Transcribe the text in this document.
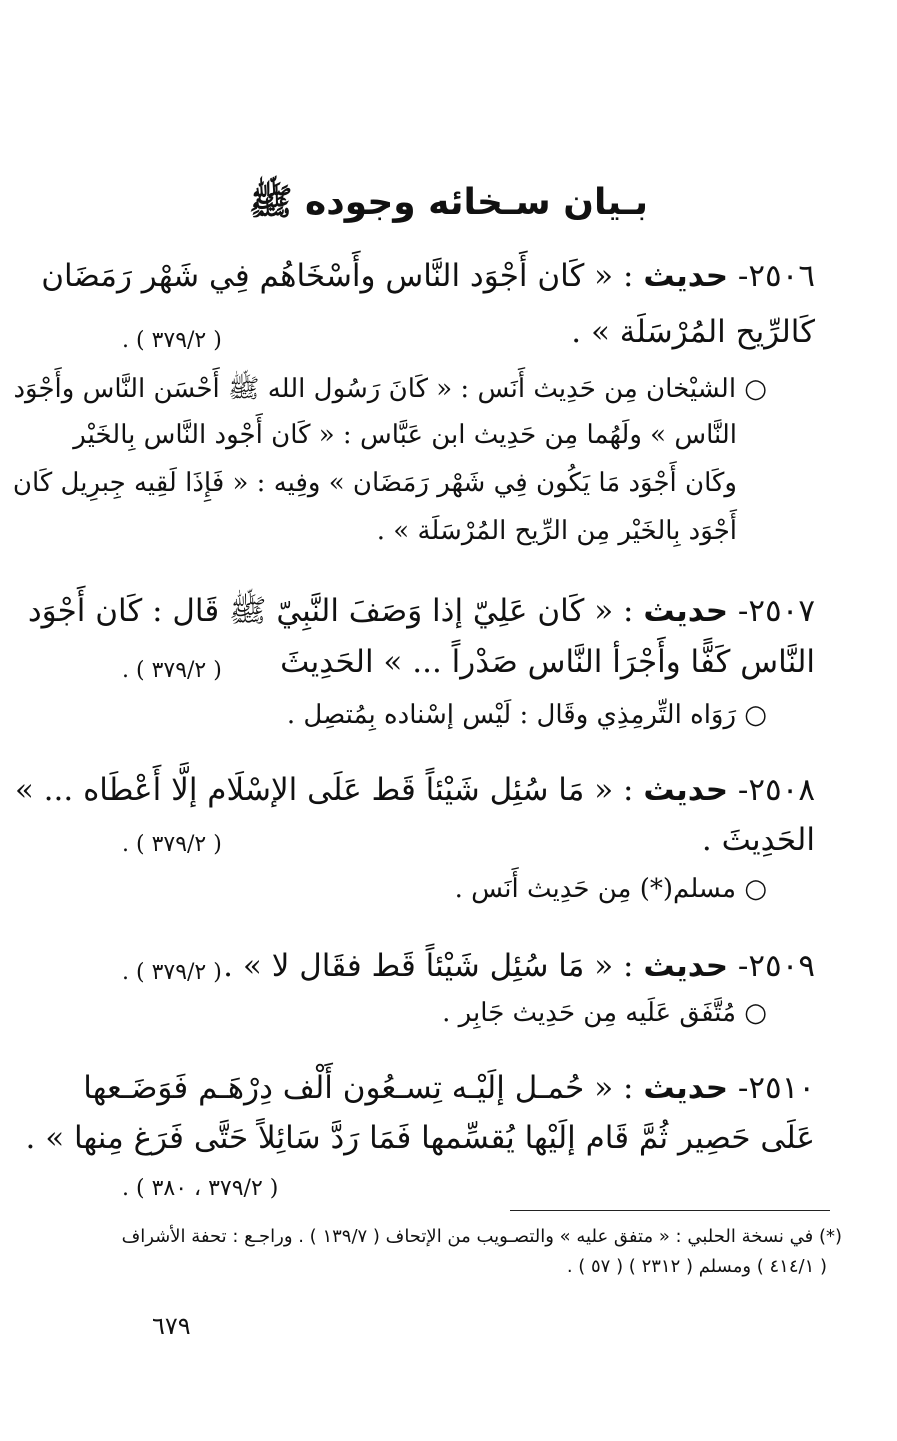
بـيان سـخائه وجوده ﷺ
٢٥٠٦- حديث : « كَان أَجْوَد النَّاس وأَسْخَاهُم فِي شَهْر رَمَضَان
كَالرِّيح المُرْسَلَة » .
( ٣٧٩/٢ ) .
○ الشيْخان مِن حَدِيث أَنَس : « كَانَ رَسُول الله ﷺ أَحْسَن النَّاس وأَجْوَد
النَّاس » ولَهُما مِن حَدِيث ابن عَبَّاس : « كَان أَجْود النَّاس بِالخَيْر
وكَان أَجْوَد مَا يَكُون فِي شَهْر رَمَضَان » وفِيه : « فَإِذَا لَقِيه جِبرِيل كَان
أَجْوَد بِالخَيْر مِن الرِّيح المُرْسَلَة » .
٢٥٠٧- حديث : « كَان عَلِيّ إذا وَصَفَ النَّبِيّ ﷺ قَال : كَان أَجْوَد
النَّاس كَفًّا وأَجْرَأ النَّاس صَدْراً ... » الحَدِيثَ
( ٣٧٩/٢ ) .
○ رَوَاه التِّرمِذِي وقَال : لَيْس إسْناده بِمُتصِل .
٢٥٠٨- حديث : « مَا سُئِل شَيْئاً قَط عَلَى الإسْلَام إلَّا أَعْطَاه ... »
الحَدِيثَ .
( ٣٧٩/٢ ) .
○ مسلم(*) مِن حَدِيث أَنَس .
٢٥٠٩- حديث : « مَا سُئِل شَيْئاً قَط فقَال لا » .
( ٣٧٩/٢ ) .
○ مُتَّفَق عَلَيه مِن حَدِيث جَابِر .
٢٥١٠- حديث : « حُمـل إلَيْـه تِسـعُون أَلْف دِرْهَـم فَوَضَـعها
عَلَى حَصِير ثُمَّ قَام إلَيْها يُقسِّمها فَمَا رَدَّ سَائِلاً حَتَّى فَرَغ مِنها » .
( ٣٧٩/٢ ، ٣٨٠ ) .
(*) في نسخة الحلبي : « متفق عليه » والتصـويب من الإتحاف ( ١٣٩/٧ ) . وراجـع : تحفة الأشراف
( ٤١٤/١ ) ومسلم ( ٢٣١٢ ) ( ٥٧ ) .
٦٧٩
